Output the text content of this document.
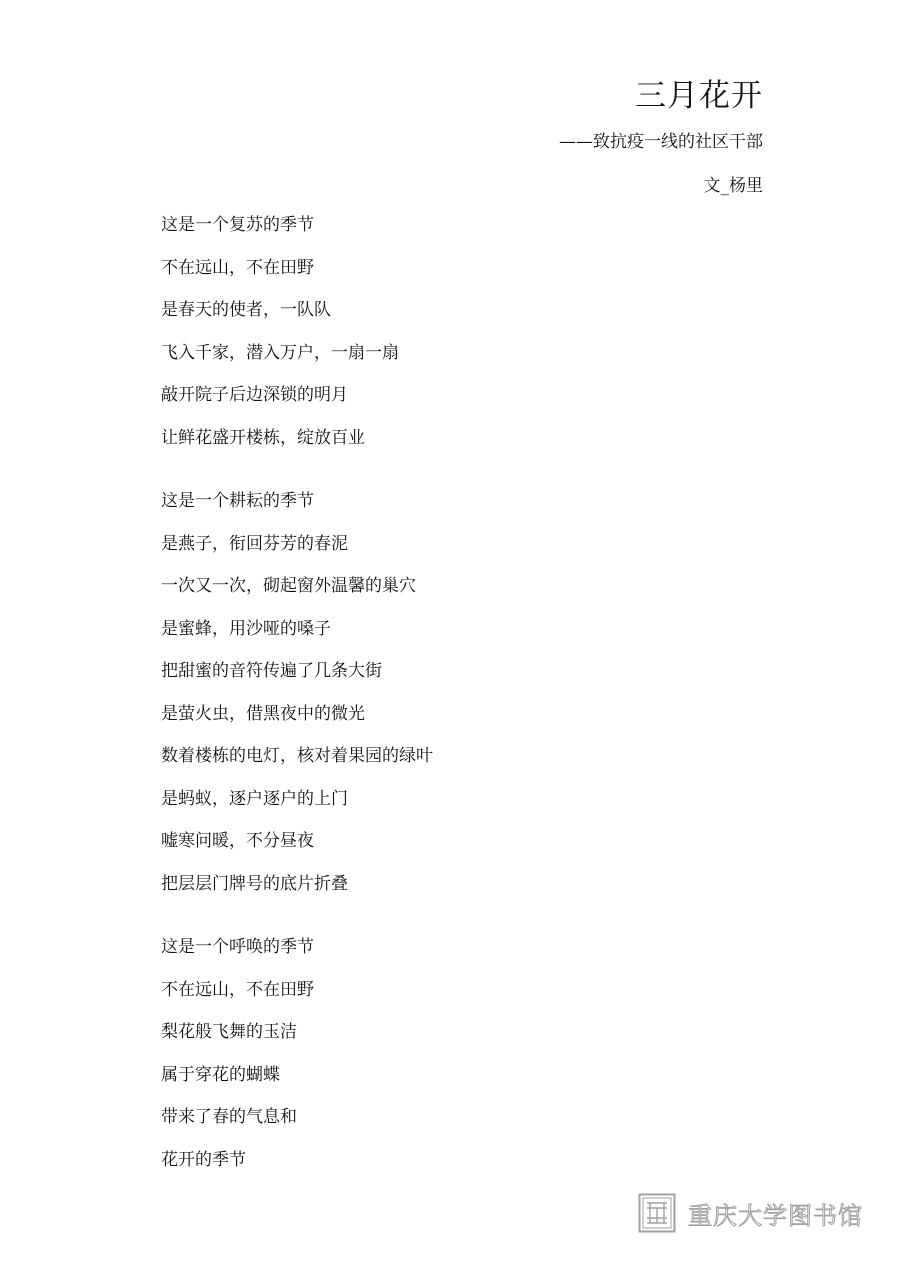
三月花开
——致抗疫一线的社区干部
文_杨里
这是一个复苏的季节
不在远山，不在田野
是春天的使者，一队队
飞入千家，潜入万户，一扇一扇
敲开院子后边深锁的明月
让鲜花盛开楼栋，绽放百业
这是一个耕耘的季节
是燕子，衔回芬芳的春泥
一次又一次，砌起窗外温馨的巢穴
是蜜蜂，用沙哑的嗓子
把甜蜜的音符传遍了几条大街
是萤火虫，借黑夜中的微光
数着楼栋的电灯，核对着果园的绿叶
是蚂蚁，逐户逐户的上门
嘘寒问暖，不分昼夜
把层层门牌号的底片折叠
这是一个呼唤的季节
不在远山，不在田野
梨花般飞舞的玉洁
属于穿花的蝴蝶
带来了春的气息和
花开的季节
重庆大学图书馆
